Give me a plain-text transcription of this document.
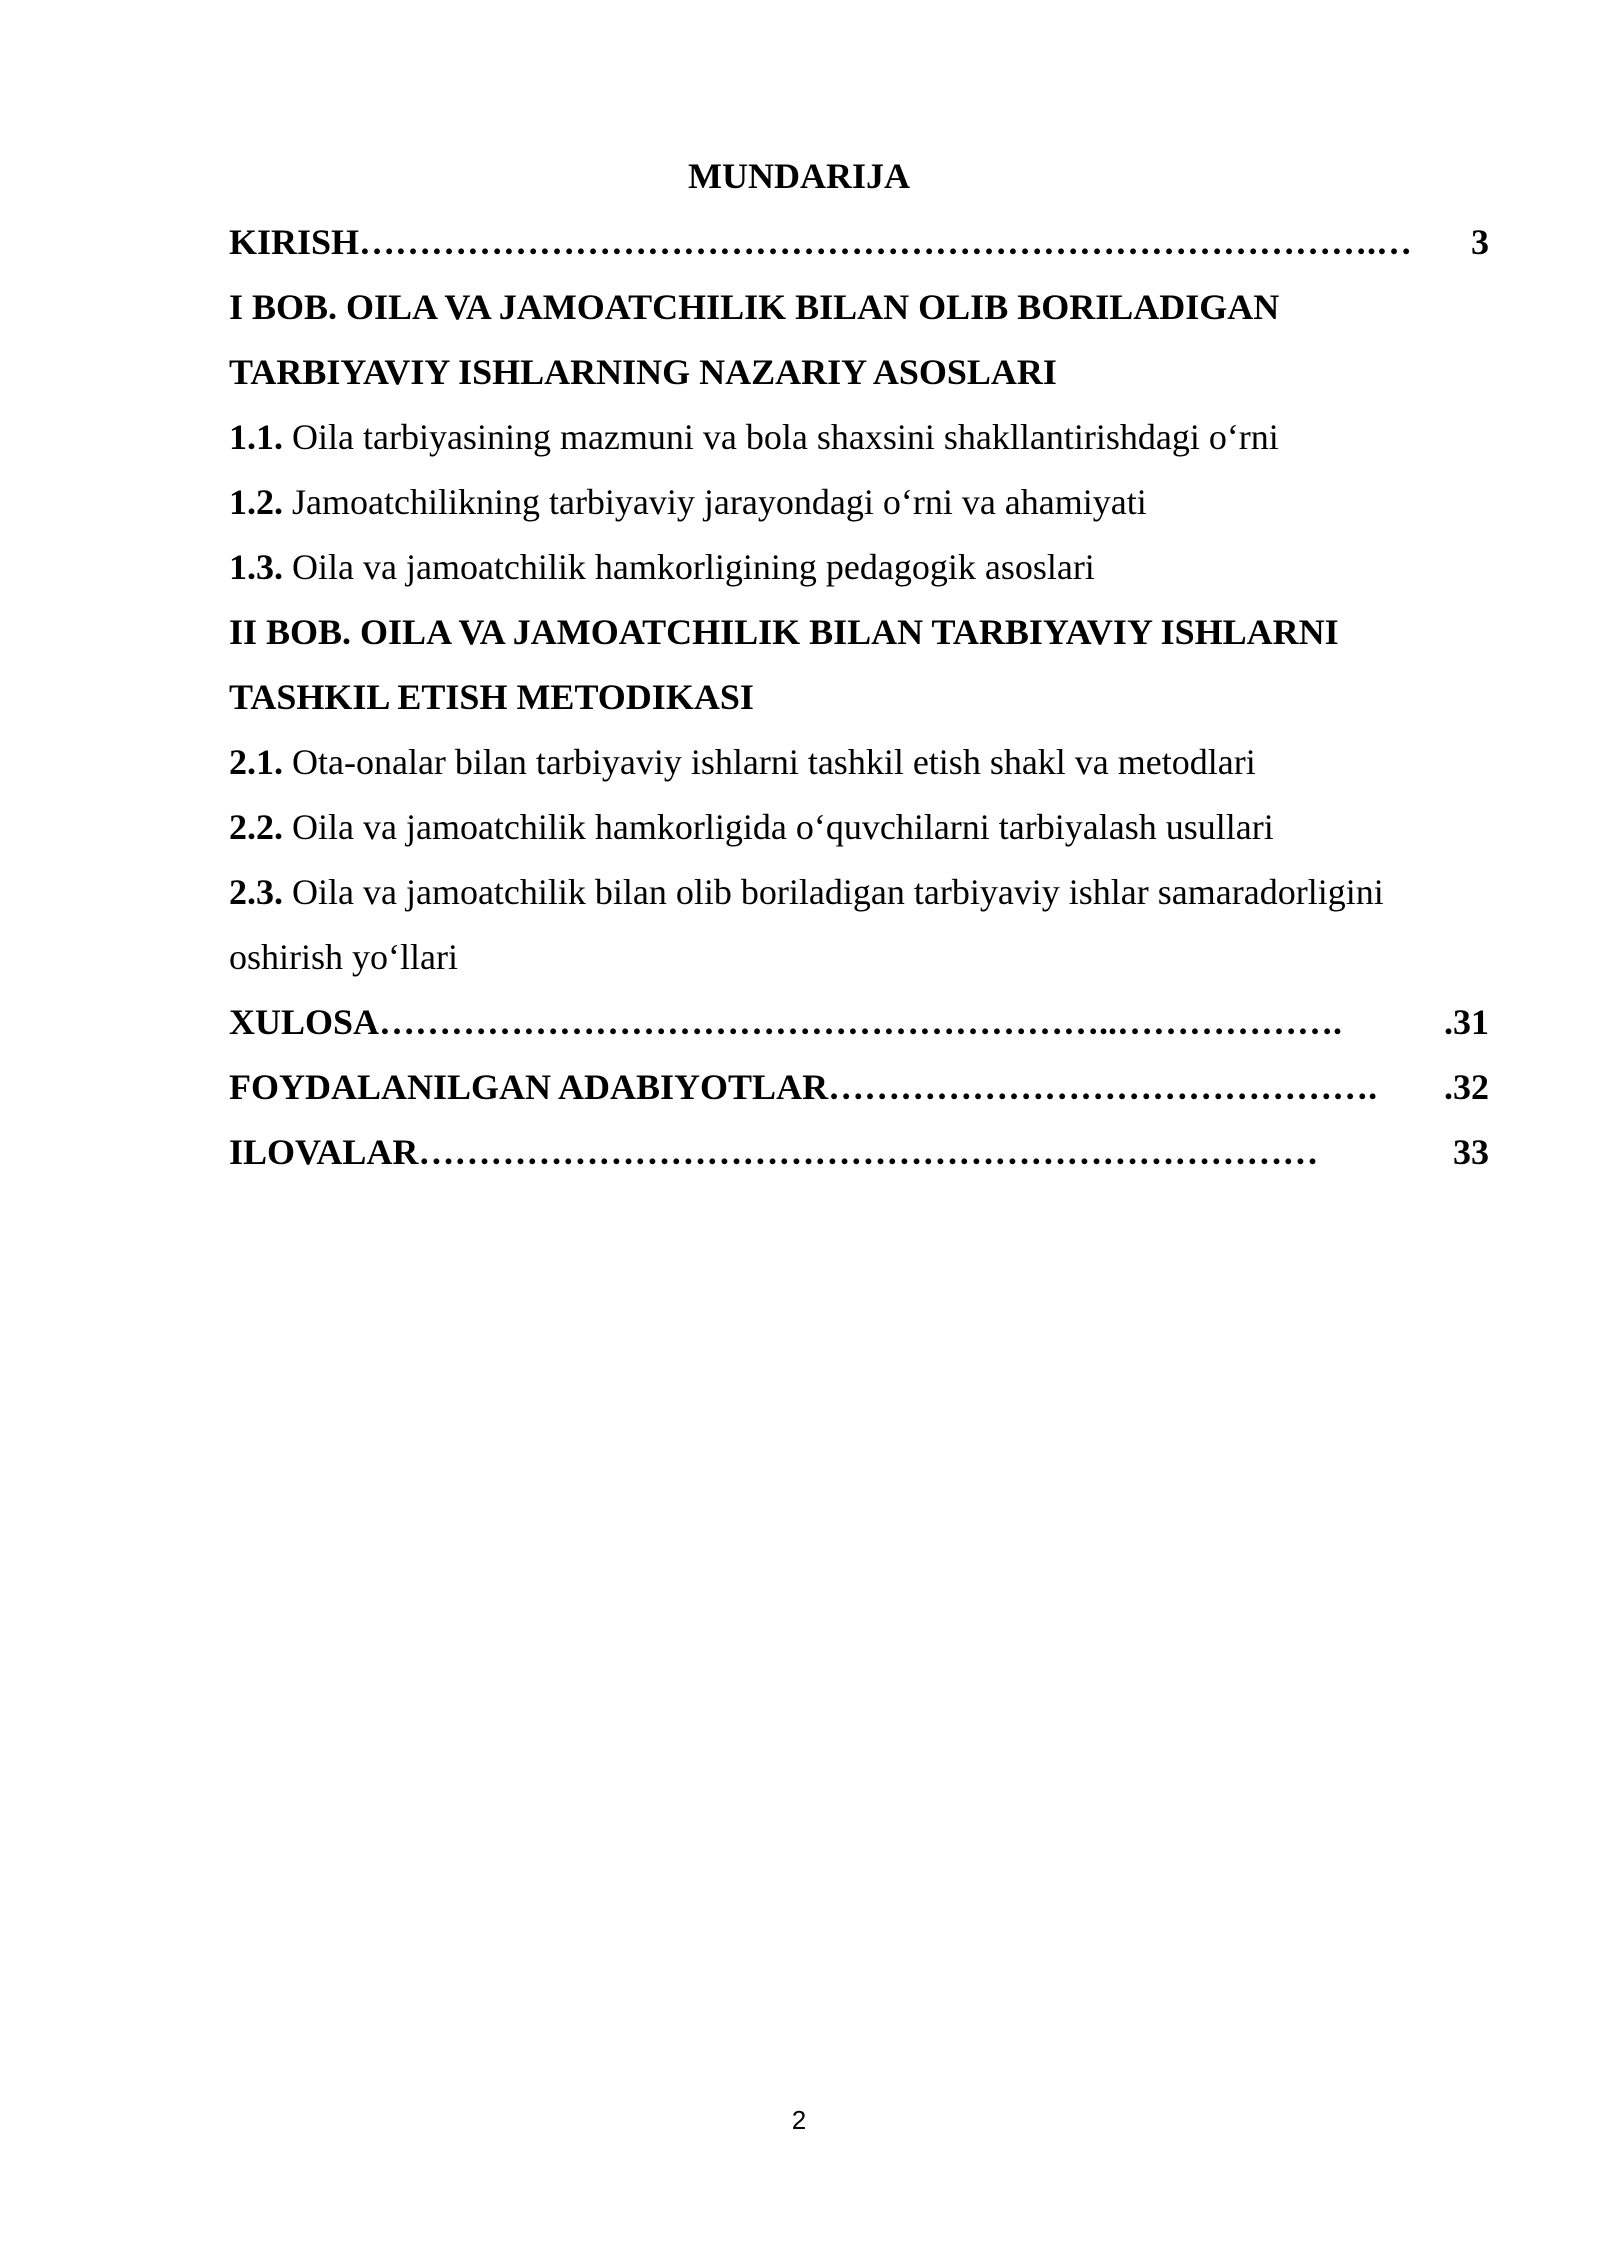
MUNDARIJA
KIRISH ………………………………………………………………………….…	3
I BOB. OILA VA JAMOATCHILIK BILAN OLIB BORILADIGAN
TARBIYAVIY ISHLARNING NAZARIY ASOSLARI
1.1. Oila tarbiyasining mazmuni va bola shaxsini shakllantirishdagi o‘rni
1.2. Jamoatchilikning tarbiyaviy jarayondagi o‘rni va ahamiyati
1.3. Oila va jamoatchilik hamkorligining pedagogik asoslari
II BOB. OILA VA JAMOATCHILIK BILAN TARBIYAVIY ISHLARNI
TASHKIL ETISH METODIKASI
2.1. Ota-onalar bilan tarbiyaviy ishlarni tashkil etish shakl va metodlari
2.2. Oila va jamoatchilik hamkorligida o‘quvchilarni tarbiyalash usullari
2.3. Oila va jamoatchilik bilan olib boriladigan tarbiyaviy ishlar samaradorligini
oshirish yo‘llari
XULOSA ……………………………………………………..……………….	.31
FOYDALANILGAN ADABIYOTLAR ……………………………………….	.32
ILOVALAR …………………………………………………………………	33
2
